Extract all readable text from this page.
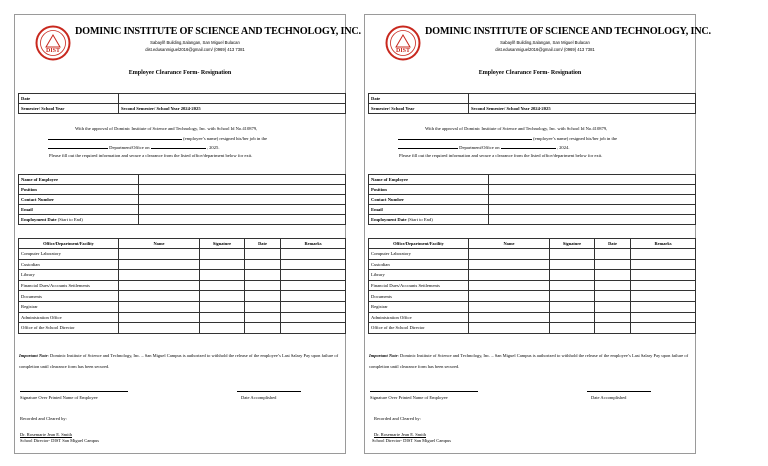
DIST
DOMINIC INSTITUTE OF SCIENCE AND TECHNOLOGY, INC.
Sabaylñ Building,Salangan, San Miguel Bulacan
dist.edusanmiguel2016@gmail.com/ (0969) 413 7381
Employee Clearance Form- Resignation
Date	
Semester/ School Year	Second Semester/ School Year 2024-2025
With the approval of Dominic Institute of Science and Technology, Inc. with School Id No.410879,
(employee’s name) resigned his/her job in the
Department/Office on	, 2025.
Please fill out the required information and secure a clearance from the listed office/department below for exit.
Name of Employee	
Position	
Contact Number	
Email	
Employment Date (Start to End)	
Office/Department/Facility	Name	Signature	Date	Remarks
Computer Laboratory				
Custodian				
Library				
Financial Dues/Accounts Settlements				
Documents				
Registrar				
Administration Office				
Office of the School Director				
Important Note: Dominic Institute of Science and Technology, Inc. – San Miguel Campus is authorized to withhold the release of the employee’s Last Salary Pay upon failure of completion until clearance form has been secured.
Signature Over Printed Name of Employee	Date Accomplished
Recorded and Cleared by:
Dr. Rosemarie Jean E. Smith
School Director- DIST San Miguel Campus
DIST
DOMINIC INSTITUTE OF SCIENCE AND TECHNOLOGY, INC.
Sabaylñ Building,Salangan, San Miguel Bulacan
dist.edusanmiguel2016@gmail.com/ (0969) 413 7381
Employee Clearance Form- Resignation
Date	
Semester/ School Year	Second Semester/ School Year 2024-2025
With the approval of Dominic Institute of Science and Technology, Inc. with School Id No.410879,
(employee’s name) resigned his/her job in the
Department/Office on	, 2024.
Please fill out the required information and secure a clearance from the listed office/department below for exit.
Name of Employee	
Position	
Contact Number	
Email	
Employment Date (Start to End)	
Office/Department/Facility	Name	Signature	Date	Remarks
Computer Laboratory				
Custodian				
Library				
Financial Dues/Accounts Settlements				
Documents				
Registrar				
Administration Office				
Office of the School Director				
Important Note: Dominic Institute of Science and Technology, Inc. – San Miguel Campus is authorized to withhold the release of the employee’s Last Salary Pay upon failure of completion until clearance form has been secured.
Signature Over Printed Name of Employee	Date Accomplished
Recorded and Cleared by:
Dr. Rosemarie Jean E. Smith
School Director- DIST San Miguel Campus
